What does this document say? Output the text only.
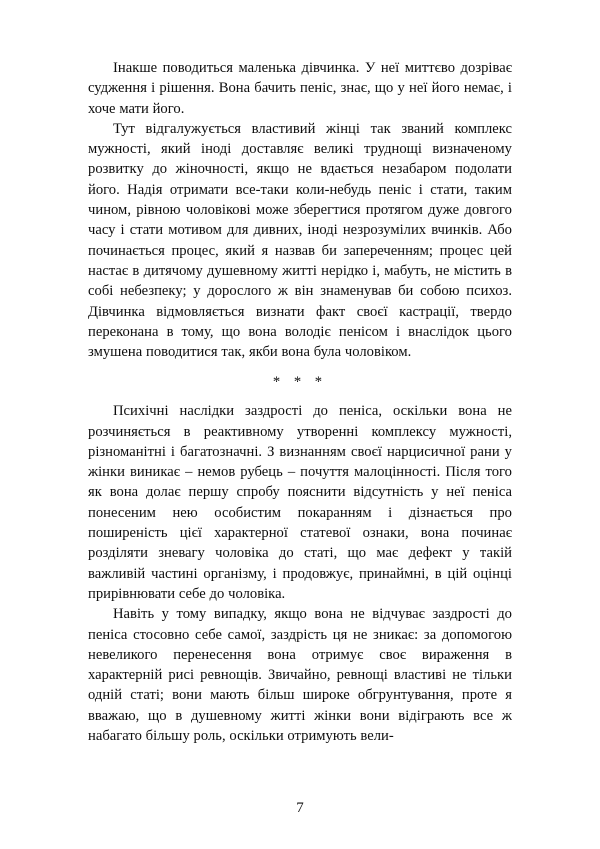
Інакше поводиться маленька дівчинка. У неї миттєво дозріває судження і рішення. Вона бачить пеніс, знає, що у неї його немає, і хоче мати його.

Тут відгалужується властивий жінці так званий комплекс мужності, який іноді доставляє великі труднощі визначеному розвитку до жіночності, якщо не вдається незабаром подолати його. Надія отримати все-таки коли-небудь пеніс і стати, таким чином, рівною чоловікові може зберегтися протягом дуже довгого часу і стати мотивом для дивних, іноді незрозумілих вчинків. Або починається процес, який я назвав би запереченням; процес цей настає в дитячому душевному житті нерідко і, мабуть, не містить в собі небезпеку; у дорослого ж він знаменував би собою психоз. Дівчинка відмовляється визнати факт своєї кастрації, твердо переконана в тому, що вона володіє пенісом і внаслідок цього змушена поводитися так, якби вона була чоловіком.

* * *

Психічні наслідки заздрості до пеніса, оскільки вона не розчиняється в реактивному утворенні комплексу мужності, різноманітні і багатозначні. З визнанням своєї нарцисичної рани у жінки виникає – немов рубець – почуття малоцінності. Після того як вона долає першу спробу пояснити відсутність у неї пеніса понесеним нею особистим покаранням і дізнається про поширеність цієї характерної статевої ознаки, вона починає розділяти зневагу чоловіка до статі, що має дефект у такій важливій частині організму, і продовжує, принаймні, в цій оцінці прирівнювати себе до чоловіка.

Навіть у тому випадку, якщо вона не відчуває заздрості до пеніса стосовно себе самої, заздрість ця не зникає: за допомогою невеликого перенесення вона отримує своє вираження в характерній рисі ревнощів. Звичайно, ревнощі властиві не тільки одній статі; вони мають більш широке обгрунтування, проте я вважаю, що в душевному житті жінки вони відіграють все ж набагато більшу роль, оскільки отримують вели-

7
